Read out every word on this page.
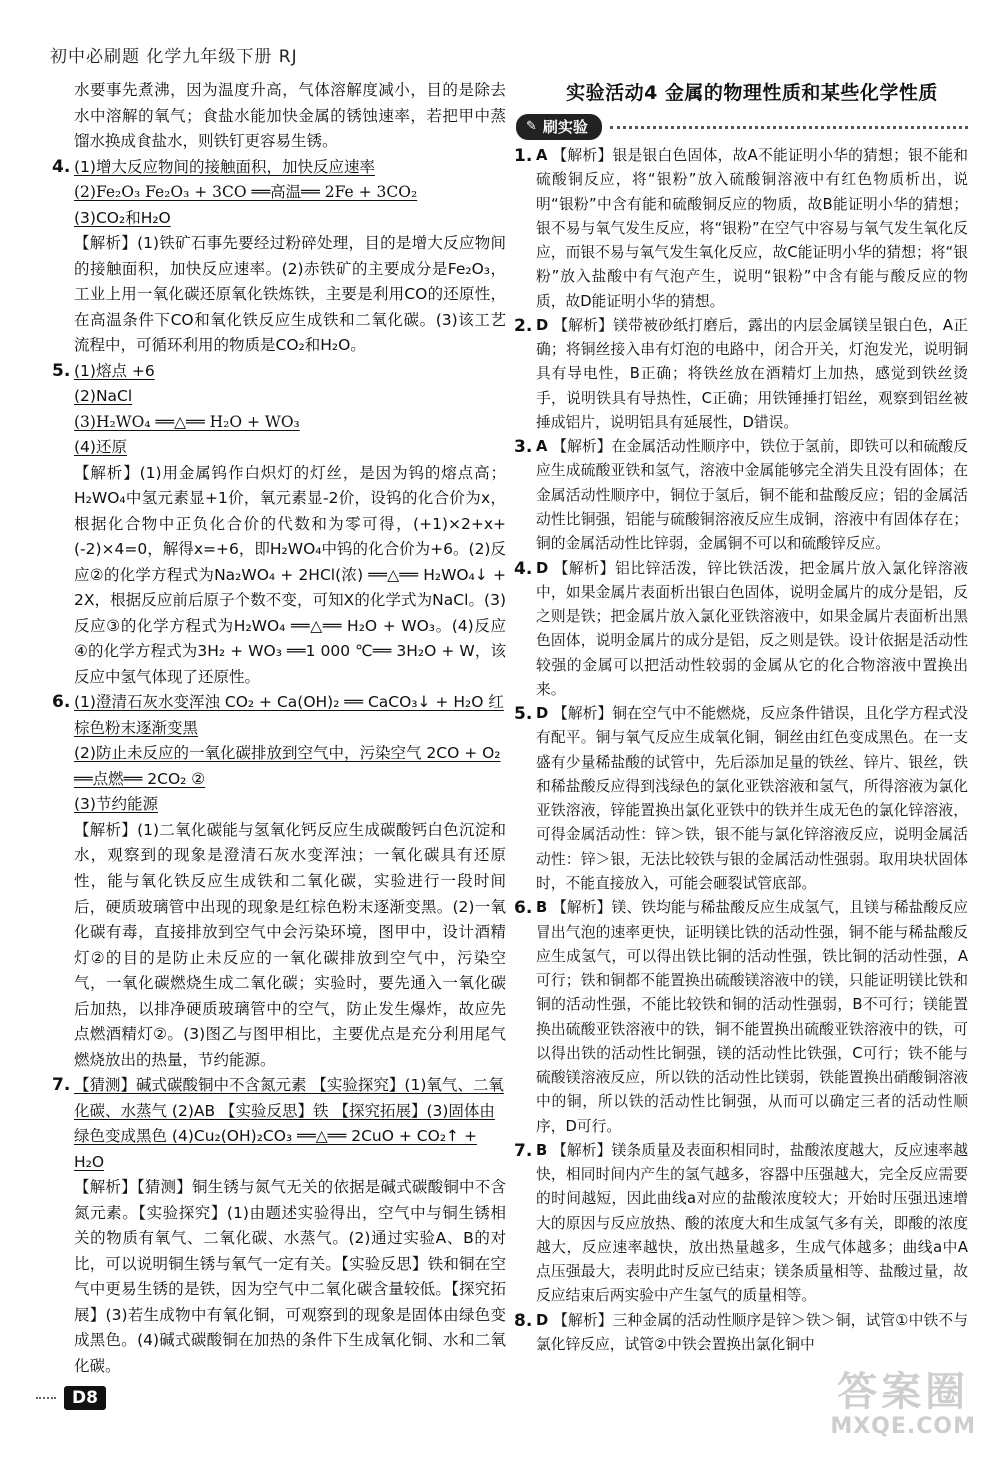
初中必刷题 化学九年级下册 RJ

水要事先煮沸，因为温度升高，气体溶解度减小，目的是除去水中溶解的氧气；食盐水能加快金属的锈蚀速率，若把甲中蒸馏水换成食盐水，则铁钉更容易生锈。

4. (1)增大反应物间的接触面积，加快反应速率
(2)Fe₂O₃ Fe₂O₃ + 3CO ══高温══ 2Fe + 3CO₂
(3)CO₂和H₂O

【解析】(1)铁矿石事先要经过粉碎处理，目的是增大反应物间的接触面积，加快反应速率。(2)赤铁矿的主要成分是Fe₂O₃，工业上用一氧化碳还原氧化铁炼铁，主要是利用CO的还原性，在高温条件下CO和氧化铁反应生成铁和二氧化碳。(3)该工艺流程中，可循环利用的物质是CO₂和H₂O。

5. (1)熔点 +6
(2)NaCl
(3)H₂WO₄ ══△══ H₂O + WO₃
(4)还原

【解析】(1)用金属钨作白炽灯的灯丝，是因为钨的熔点高；H₂WO₄中氢元素显+1价，氧元素显-2价，设钨的化合价为x，根据化合物中正负化合价的代数和为零可得，(+1)×2+x+(-2)×4=0，解得x=+6，即H₂WO₄中钨的化合价为+6。(2)反应②的化学方程式为Na₂WO₄ + 2HCl(浓) ══△══ H₂WO₄↓ + 2X，根据反应前后原子个数不变，可知X的化学式为NaCl。(3)反应③的化学方程式为H₂WO₄ ══△══ H₂O + WO₃。(4)反应④的化学方程式为3H₂ + WO₃ ══1 000 ℃══ 3H₂O + W，该反应中氢气体现了还原性。

6. (1)澄清石灰水变浑浊 CO₂ + Ca(OH)₂ ══ CaCO₃↓ + H₂O 红棕色粉末逐渐变黑
(2)防止未反应的一氧化碳排放到空气中，污染空气 2CO + O₂ ══点燃══ 2CO₂ ②
(3)节约能源

【解析】(1)二氧化碳能与氢氧化钙反应生成碳酸钙白色沉淀和水，观察到的现象是澄清石灰水变浑浊；一氧化碳具有还原性，能与氧化铁反应生成铁和二氧化碳，实验进行一段时间后，硬质玻璃管中出现的现象是红棕色粉末逐渐变黑。(2)一氧化碳有毒，直接排放到空气中会污染环境，图甲中，设计酒精灯②的目的是防止未反应的一氧化碳排放到空气中，污染空气，一氧化碳燃烧生成二氧化碳；实验时，要先通入一氧化碳后加热，以排净硬质玻璃管中的空气，防止发生爆炸，故应先点燃酒精灯②。(3)图乙与图甲相比，主要优点是充分利用尾气燃烧放出的热量，节约能源。

7. 【猜测】碱式碳酸铜中不含氮元素 【实验探究】(1)氧气、二氧化碳、水蒸气 (2)AB 【实验反思】铁 【探究拓展】(3)固体由绿色变成黑色 (4)Cu₂(OH)₂CO₃ ══△══ 2CuO + CO₂↑ + H₂O

【解析】【猜测】铜生锈与氮气无关的依据是碱式碳酸铜中不含氮元素。【实验探究】(1)由题述实验得出，空气中与铜生锈相关的物质有氧气、二氧化碳、水蒸气。(2)通过实验A、B的对比，可以说明铜生锈与氧气一定有关。【实验反思】铁和铜在空气中更易生锈的是铁，因为空气中二氧化碳含量较低。【探究拓展】(3)若生成物中有氧化铜，可观察到的现象是固体由绿色变成黑色。(4)碱式碳酸铜在加热的条件下生成氧化铜、水和二氧化碳。

实验活动4 金属的物理性质和某些化学性质
✎ 刷实验
1. A 【解析】银是银白色固体，故A不能证明小华的猜想；银不能和硫酸铜反应，将“银粉”放入硫酸铜溶液中有红色物质析出，说明“银粉”中含有能和硫酸铜反应的物质，故B能证明小华的猜想；银不易与氧气发生反应，将“银粉”在空气中容易与氧气发生氧化反应，而银不易与氧气发生氧化反应，故C能证明小华的猜想；将“银粉”放入盐酸中有气泡产生，说明“银粉”中含有能与酸反应的物质，故D能证明小华的猜想。

2. D 【解析】镁带被砂纸打磨后，露出的内层金属镁呈银白色，A正确；将铜丝接入串有灯泡的电路中，闭合开关，灯泡发光，说明铜具有导电性，B正确；将铁丝放在酒精灯上加热，感觉到铁丝烫手，说明铁具有导热性，C正确；用铁锤捶打铝丝，观察到铝丝被捶成铝片，说明铝具有延展性，D错误。

3. A 【解析】在金属活动性顺序中，铁位于氢前，即铁可以和硫酸反应生成硫酸亚铁和氢气，溶液中金属能够完全消失且没有固体；在金属活动性顺序中，铜位于氢后，铜不能和盐酸反应；铝的金属活动性比铜强，铝能与硫酸铜溶液反应生成铜，溶液中有固体存在；铜的金属活动性比锌弱，金属铜不可以和硫酸锌反应。

4. D 【解析】铝比锌活泼，锌比铁活泼，把金属片放入氯化锌溶液中，如果金属片表面析出银白色固体，说明金属片的成分是铝，反之则是铁；把金属片放入氯化亚铁溶液中，如果金属片表面析出黑色固体，说明金属片的成分是铝，反之则是铁。设计依据是活动性较强的金属可以把活动性较弱的金属从它的化合物溶液中置换出来。

5. D 【解析】铜在空气中不能燃烧，反应条件错误，且化学方程式没有配平。铜与氧气反应生成氧化铜，铜丝由红色变成黑色。在一支盛有少量稀盐酸的试管中，先后添加足量的铁丝、锌片、银丝，铁和稀盐酸反应得到浅绿色的氯化亚铁溶液和氢气，所得溶液为氯化亚铁溶液，锌能置换出氯化亚铁中的铁并生成无色的氯化锌溶液，可得金属活动性：锌＞铁，银不能与氯化锌溶液反应，说明金属活动性：锌＞银，无法比较铁与银的金属活动性强弱。取用块状固体时，不能直接放入，可能会砸裂试管底部。

6. B 【解析】镁、铁均能与稀盐酸反应生成氢气，且镁与稀盐酸反应冒出气泡的速率更快，证明镁比铁的活动性强，铜不能与稀盐酸反应生成氢气，可以得出铁比铜的活动性强，铁比铜的活动性强，A可行；铁和铜都不能置换出硫酸镁溶液中的镁，只能证明镁比铁和铜的活动性强，不能比较铁和铜的活动性强弱，B不可行；镁能置换出硫酸亚铁溶液中的铁，铜不能置换出硫酸亚铁溶液中的铁，可以得出铁的活动性比铜强，镁的活动性比铁强，C可行；铁不能与硫酸镁溶液反应，所以铁的活动性比镁弱，铁能置换出硝酸铜溶液中的铜，所以铁的活动性比铜强，从而可以确定三者的活动性顺序，D可行。

7. B 【解析】镁条质量及表面积相同时，盐酸浓度越大，反应速率越快，相同时间内产生的氢气越多，容器中压强越大，完全反应需要的时间越短，因此曲线a对应的盐酸浓度较大；开始时压强迅速增大的原因与反应放热、酸的浓度大和生成氢气多有关，即酸的浓度越大，反应速率越快，放出热量越多，生成气体越多；曲线a中A点压强最大，表明此时反应已结束；镁条质量相等、盐酸过量，故反应结束后两实验中产生氢气的质量相等。

8. D 【解析】三种金属的活动性顺序是锌＞铁＞铜，试管①中铁不与氯化锌反应，试管②中铁会置换出氯化铜中

D8	答案圈
MXQE.COM
